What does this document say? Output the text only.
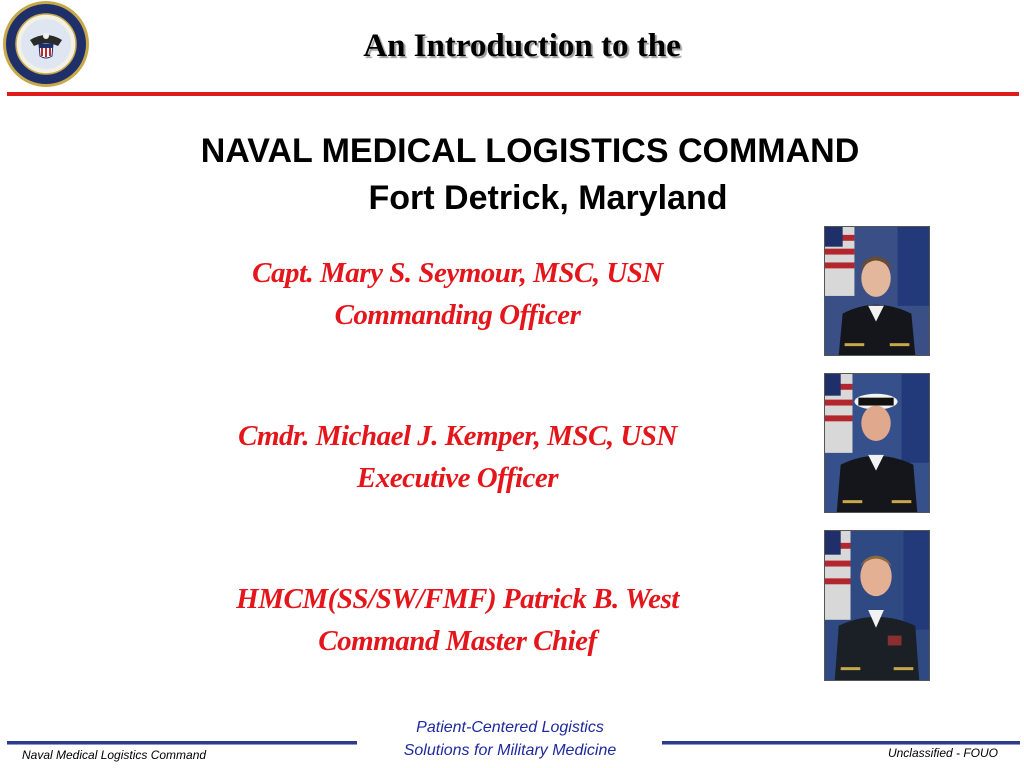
An Introduction to the
NAVAL MEDICAL LOGISTICS COMMAND
Fort Detrick, Maryland
Capt. Mary S. Seymour, MSC, USN
Commanding Officer
Cmdr. Michael J. Kemper, MSC, USN
Executive Officer
HMCM(SS/SW/FMF) Patrick B. West
Command Master Chief
Patient-Centered Logistics
Solutions for Military Medicine
Naval Medical Logistics Command	Unclassified - FOUO
